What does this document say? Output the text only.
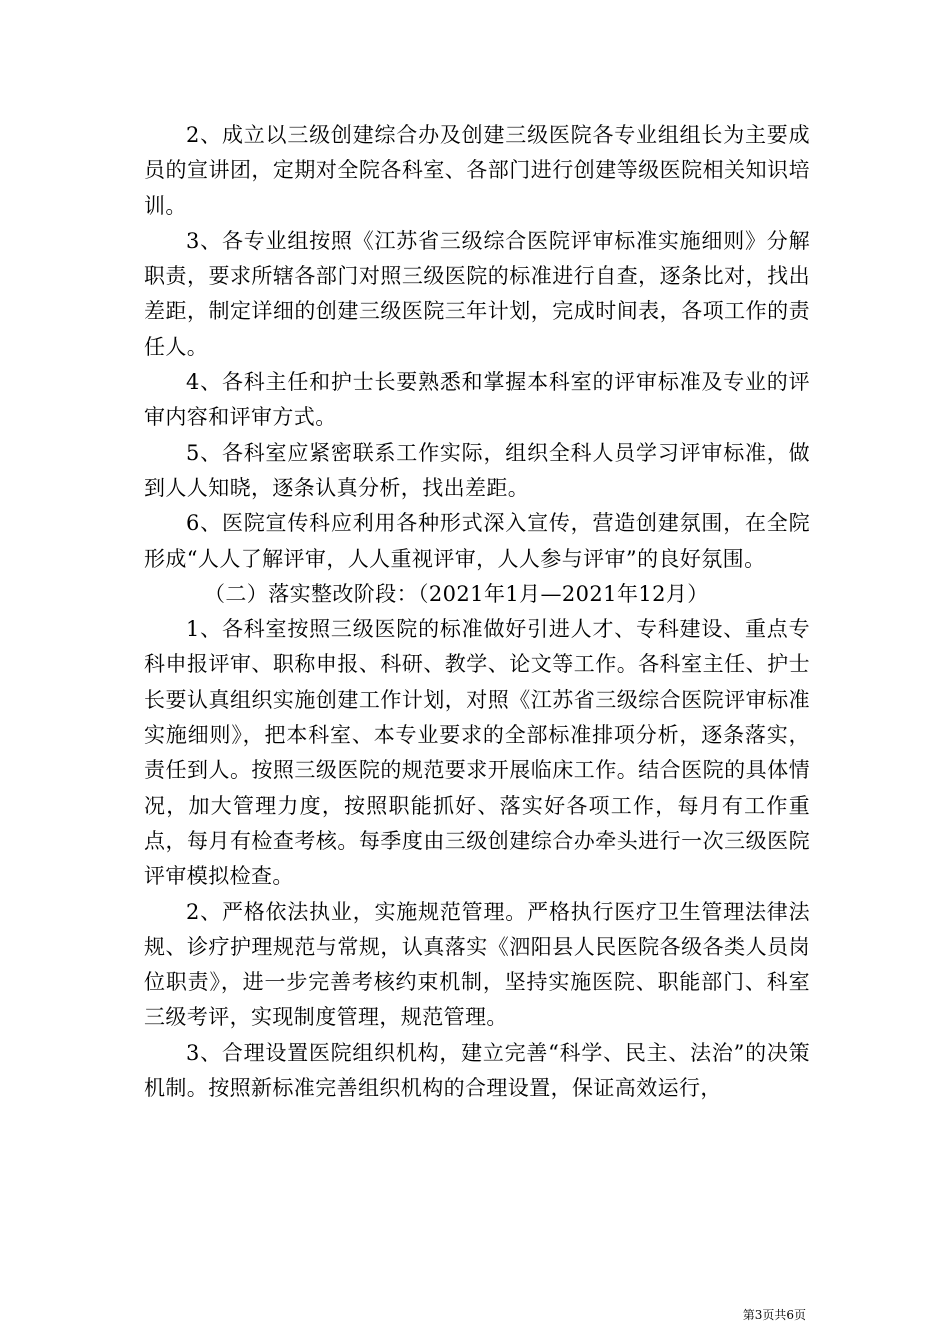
2、成立以三级创建综合办及创建三级医院各专业组组长为主要成员的宣讲团，定期对全院各科室、各部门进行创建等级医院相关知识培训。

3、各专业组按照《江苏省三级综合医院评审标准实施细则》分解职责，要求所辖各部门对照三级医院的标准进行自查，逐条比对，找出差距，制定详细的创建三级医院三年计划，完成时间表，各项工作的责任人。

4、各科主任和护士长要熟悉和掌握本科室的评审标准及专业的评审内容和评审方式。

5、各科室应紧密联系工作实际，组织全科人员学习评审标准，做到人人知晓，逐条认真分析，找出差距。

6、医院宣传科应利用各种形式深入宣传，营造创建氛围，在全院形成“人人了解评审，人人重视评审，人人参与评审”的良好氛围。

（二）落实整改阶段：（2021年1月—2021年12月）

1、各科室按照三级医院的标准做好引进人才、专科建设、重点专科申报评审、职称申报、科研、教学、论文等工作。各科室主任、护士长要认真组织实施创建工作计划，对照《江苏省三级综合医院评审标准实施细则》，把本科室、本专业要求的全部标准排项分析，逐条落实，责任到人。按照三级医院的规范要求开展临床工作。结合医院的具体情况，加大管理力度，按照职能抓好、落实好各项工作，每月有工作重点，每月有检查考核。每季度由三级创建综合办牵头进行一次三级医院评审模拟检查。

2、严格依法执业，实施规范管理。严格执行医疗卫生管理法律法规、诊疗护理规范与常规，认真落实《泗阳县人民医院各级各类人员岗位职责》，进一步完善考核约束机制，坚持实施医院、职能部门、科室三级考评，实现制度管理，规范管理。

3、合理设置医院组织机构，建立完善“科学、民主、法治”的决策机制。按照新标准完善组织机构的合理设置，保证高效运行，

第3页共6页
